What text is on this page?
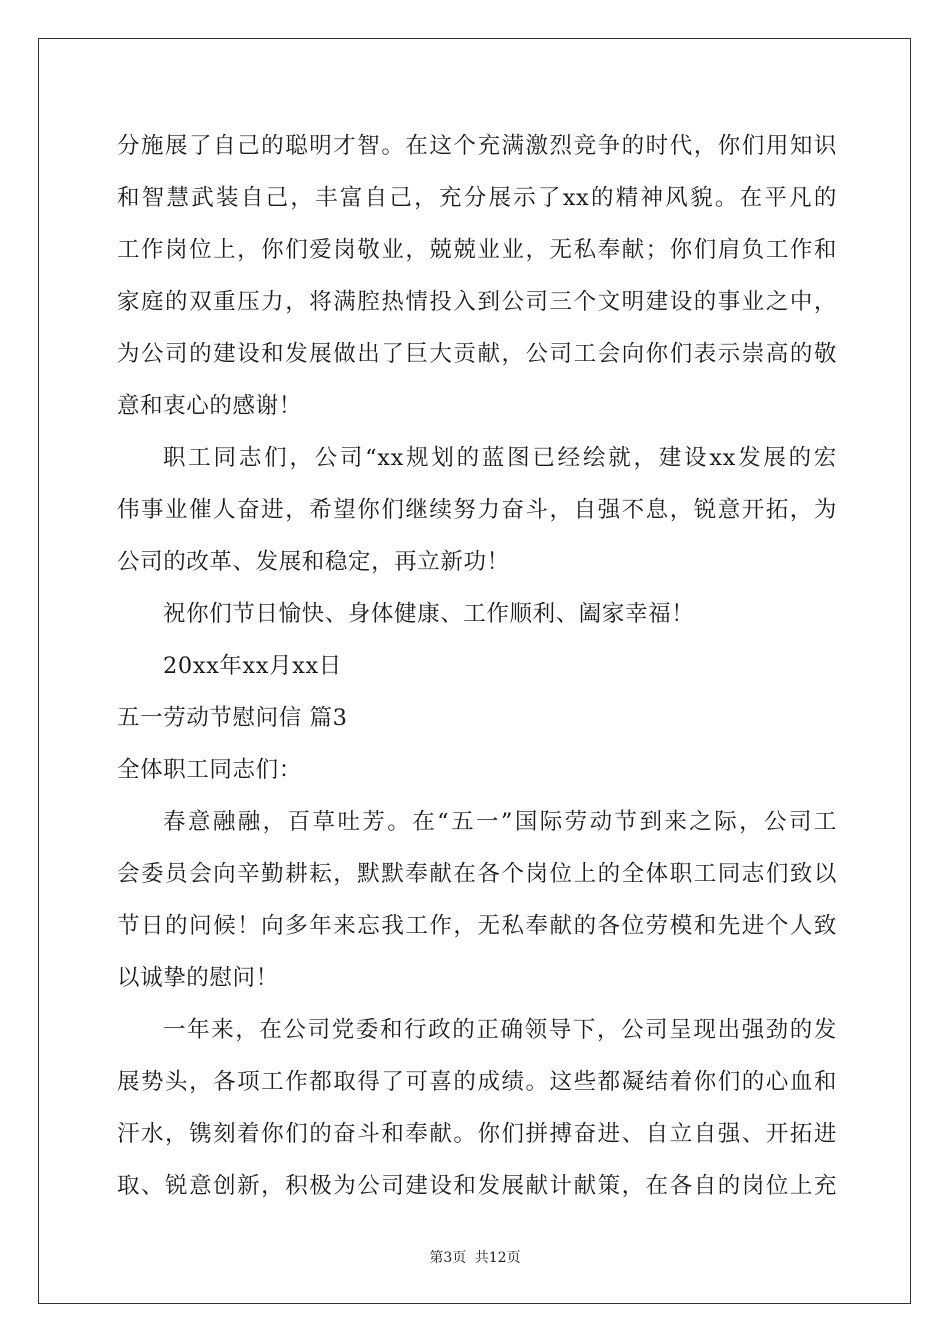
分施展了自己的聪明才智。在这个充满激烈竞争的时代，你们用知识
和智慧武装自己，丰富自己，充分展示了xx的精神风貌。在平凡的
工作岗位上，你们爱岗敬业，兢兢业业，无私奉献；你们肩负工作和
家庭的双重压力，将满腔热情投入到公司三个文明建设的事业之中，
为公司的建设和发展做出了巨大贡献，公司工会向你们表示崇高的敬
意和衷心的感谢！
职工同志们，公司“xx规划的蓝图已经绘就，建设xx发展的宏
伟事业催人奋进，希望你们继续努力奋斗，自强不息，锐意开拓，为
公司的改革、发展和稳定，再立新功！
祝你们节日愉快、身体健康、工作顺利、阖家幸福！
20xx年xx月xx日
五一劳动节慰问信 篇3
全体职工同志们：
春意融融，百草吐芳。在“五一”国际劳动节到来之际，公司工
会委员会向辛勤耕耘，默默奉献在各个岗位上的全体职工同志们致以
节日的问候！向多年来忘我工作，无私奉献的各位劳模和先进个人致
以诚挚的慰问！
一年来，在公司党委和行政的正确领导下，公司呈现出强劲的发
展势头，各项工作都取得了可喜的成绩。这些都凝结着你们的心血和
汗水，镌刻着你们的奋斗和奉献。你们拼搏奋进、自立自强、开拓进
取、锐意创新，积极为公司建设和发展献计献策，在各自的岗位上充
第3页 共12页
